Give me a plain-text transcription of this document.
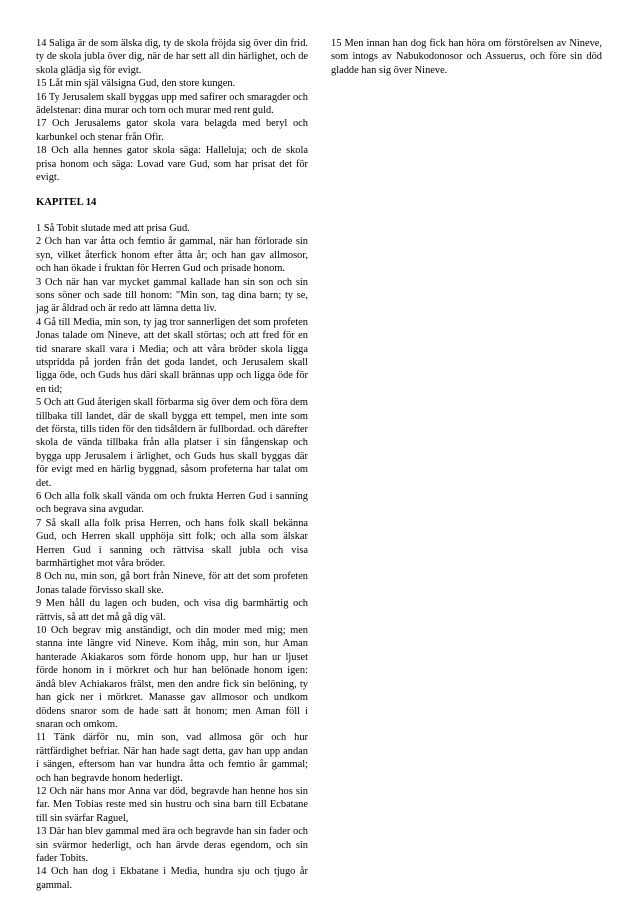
14 Saliga är de som älska dig, ty de skola fröjda sig över din frid. ty de skola jubla över dig, när de har sett all din härlighet, och de skola glädja sig för evigt.

15 Låt min själ välsigna Gud, den store kungen.

16 Ty Jerusalem skall byggas upp med safirer och smaragder och ädelstenar: dina murar och torn och murar med rent guld.

17 Och Jerusalems gator skola vara belagda med beryl och karbunkel och stenar från Ofir.

18 Och alla hennes gator skola säga: Halleluja; och de skola prisa honom och säga: Lovad vare Gud, som har prisat det för evigt.

KAPITEL 14

1 Så Tobit slutade med att prisa Gud.

2 Och han var åtta och femtio år gammal, när han förlorade sin syn, vilket återfick honom efter åtta år; och han gav allmosor, och han ökade i fruktan för Herren Gud och prisade honom.

3 Och när han var mycket gammal kallade han sin son och sin sons söner och sade till honom: "Min son, tag dina barn; ty se, jag är åldrad och är redo att lämna detta liv.

4 Gå till Media, min son, ty jag tror sannerligen det som profeten Jonas talade om Nineve, att det skall störtas; och att fred för en tid snarare skall vara i Media; och att våra bröder skola ligga utspridda på jorden från det goda landet, och Jerusalem skall ligga öde, och Guds hus däri skall brännas upp och ligga öde för en tid;

5 Och att Gud återigen skall förbarma sig över dem och föra dem tillbaka till landet, där de skall bygga ett tempel, men inte som det första, tills tiden för den tidsåldern är fullbordad. och därefter skola de vända tillbaka från alla platser i sin fångenskap och bygga upp Jerusalem i ärlighet, och Guds hus skall byggas där för evigt med en härlig byggnad, såsom profeterna har talat om det.

6 Och alla folk skall vända om och frukta Herren Gud i sanning och begrava sina avgudar.

7 Så skall alla folk prisa Herren, och hans folk skall bekänna Gud, och Herren skall upphöja sitt folk; och alla som älskar Herren Gud i sanning och rättvisa skall jubla och visa barmhärtighet mot våra bröder.

8 Och nu, min son, gå bort från Nineve, för att det som profeten Jonas talade förvisso skall ske.

9 Men håll du lagen och buden, och visa dig barmhärtig och rättvis, så att det må gå dig väl.

10 Och begrav mig anständigt, och din moder med mig; men stanna inte längre vid Nineve. Kom ihåg, min son, hur Aman hanterade Akiakaros som förde honom upp, hur han ur ljuset förde honom in i mörkret och hur han belönade honom igen: ändå blev Achiakaros frälst, men den andre fick sin belöning, ty han gick ner i mörkret. Manasse gav allmosor och undkom dödens snaror som de hade satt åt honom; men Aman föll i snaran och omkom.

11 Tänk därför nu, min son, vad allmosa gör och hur rättfärdighet befriar. När han hade sagt detta, gav han upp andan i sängen, eftersom han var hundra åtta och femtio år gammal; och han begravde honom hederligt.

12 Och när hans mor Anna var död, begravde han henne hos sin far. Men Tobias reste med sin hustru och sina barn till Ecbatane till sin svärfar Raguel,

13 Där han blev gammal med ära och begravde han sin fader och sin svärmor hederligt, och han ärvde deras egendom, och sin fader Tobits.

14 Och han dog i Ekbatane i Media, hundra sju och tjugo år gammal.

15 Men innan han dog fick han höra om förstörelsen av Nineve, som intogs av Nabukodonosor och Assuerus, och före sin död gladde han sig över Nineve.
